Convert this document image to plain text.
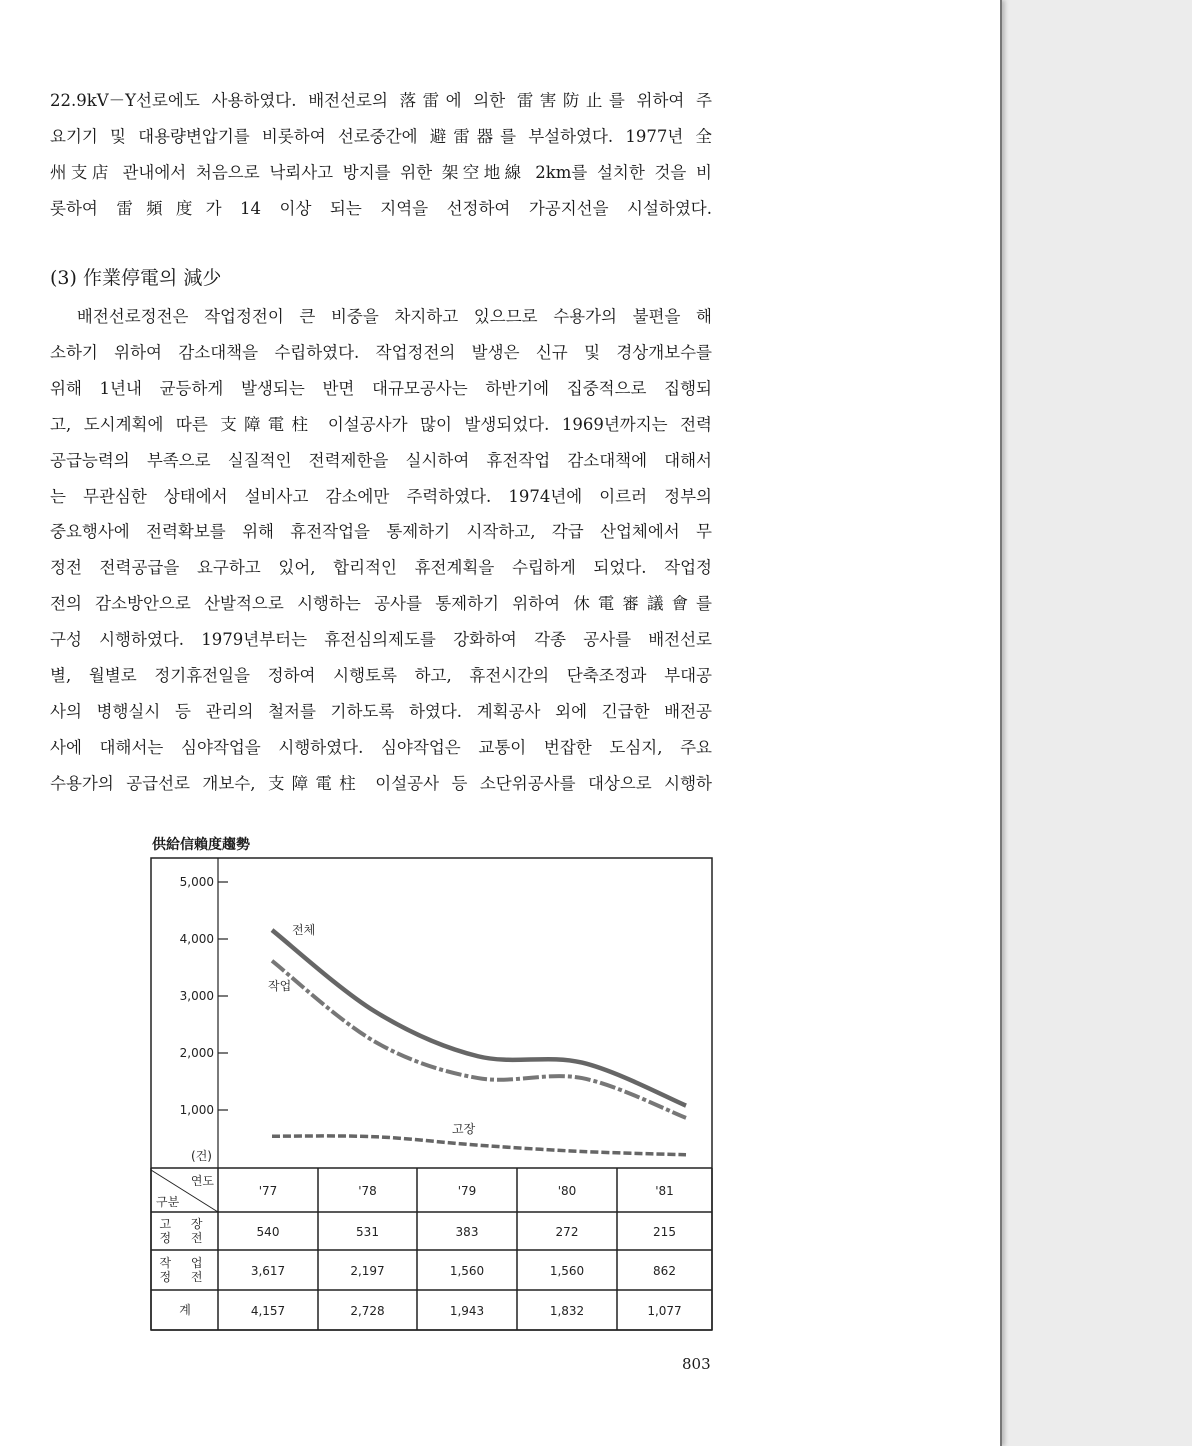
22.9kV－Y선로에도 사용하였다. 배전선로의 落雷에 의한 雷害防止를 위하여 주
요기기 및 대용량변압기를 비롯하여 선로중간에 避雷器를 부설하였다. 1977년 全
州支店 관내에서 처음으로 낙뢰사고 방지를 위한 架空地線 2km를 설치한 것을 비
롯하여 雷頻度가 14 이상 되는 지역을 선정하여 가공지선을 시설하였다.
(3) 作業停電의 減少
　배전선로정전은 작업정전이 큰 비중을 차지하고 있으므로 수용가의 불편을 해
소하기 위하여 감소대책을 수립하였다. 작업정전의 발생은 신규 및 경상개보수를
위해 1년내 균등하게 발생되는 반면 대규모공사는 하반기에 집중적으로 집행되
고, 도시계획에 따른 支障電柱 이설공사가 많이 발생되었다. 1969년까지는 전력
공급능력의 부족으로 실질적인 전력제한을 실시하여 휴전작업 감소대책에 대해서
는 무관심한 상태에서 설비사고 감소에만 주력하였다. 1974년에 이르러 정부의
중요행사에 전력확보를 위해 휴전작업을 통제하기 시작하고, 각급 산업체에서 무
정전 전력공급을 요구하고 있어, 합리적인 휴전계획을 수립하게 되었다. 작업정
전의 감소방안으로 산발적으로 시행하는 공사를 통제하기 위하여 休電審議會를
구성 시행하였다. 1979년부터는 휴전심의제도를 강화하여 각종 공사를 배전선로
별, 월별로 정기휴전일을 정하여 시행토록 하고, 휴전시간의 단축조정과 부대공
사의 병행실시 등 관리의 철저를 기하도록 하였다. 계획공사 외에 긴급한 배전공
사에 대해서는 심야작업을 시행하였다. 심야작업은 교통이 번잡한 도심지, 주요
수용가의 공급선로 개보수, 支障電柱 이설공사 등 소단위공사를 대상으로 시행하
供給信賴度趨勢
5,000
4,000
3,000
2,000
1,000
(건)
전체
작업
고장
연도
구분
'77	'78	'79	'80	'81
고 장
정 전	540	531	383	272	215
작 업
정 전	3,617	2,197	1,560	1,560	862
계	4,157	2,728	1,943	1,832	1,077
803
